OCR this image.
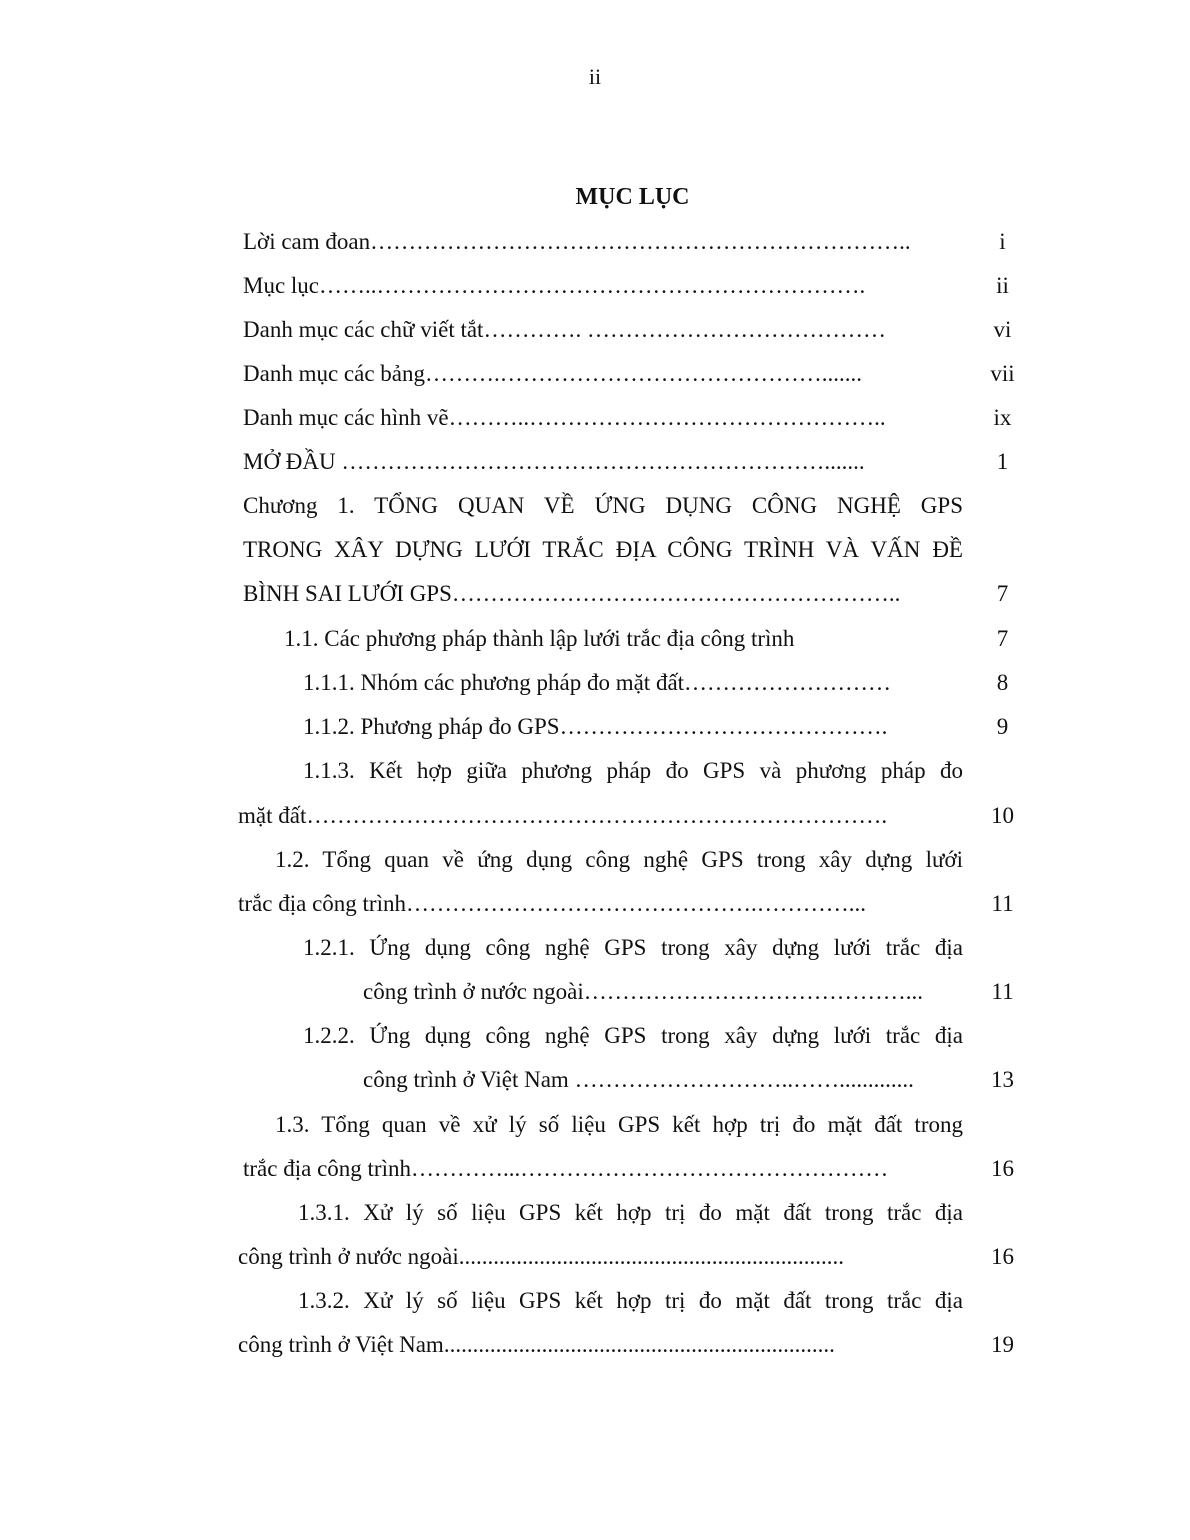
ii
MỤC LỤC
Lời cam đoan……………………………………………………………..	i
Mục lục……..……………………………………………………….	ii
Danh mục các chữ viết tắt…………. …………………………………	vi
Danh mục các bảng……….…………………………………….......	vii
Danh mục các hình vẽ………..………………………………………..	ix
MỞ ĐẦU ……………………………………………………….......	1
Chương 1. TỔNG QUAN VỀ ỨNG DỤNG CÔNG NGHỆ GPS
TRONG XÂY DỰNG LƯỚI TRẮC ĐỊA CÔNG TRÌNH VÀ VẤN ĐỀ
BÌNH SAI LƯỚI GPS…………………………………………………..	7
1.1. Các phương pháp thành lập lưới trắc địa công trình	7
1.1.1. Nhóm các phương pháp đo mặt đất………………………	8
1.1.2. Phương pháp đo GPS…………………………………….	9
1.1.3. Kết hợp giữa phương pháp đo GPS và phương pháp đo
mặt đất………………………………………………………………….	10
1.2. Tổng quan về ứng dụng công nghệ GPS trong xây dựng lưới
trắc địa công trình……………………………………….…………...	11
1.2.1. Ứng dụng công nghệ GPS trong xây dựng lưới trắc địa
công trình ở nước ngoài……………………………………...	11
1.2.2. Ứng dụng công nghệ GPS trong xây dựng lưới trắc địa
công trình ở Việt Nam ………………………..…….............	13
1.3. Tổng quan về xử lý số liệu GPS kết hợp trị đo mặt đất trong
trắc địa công trình…………...…………………………………………	16
1.3.1. Xử lý số liệu GPS kết hợp trị đo mặt đất trong trắc địa
công trình ở nước ngoài...................................................................	16
1.3.2. Xử lý số liệu GPS kết hợp trị đo mặt đất trong trắc địa
công trình ở Việt Nam....................................................................	19
